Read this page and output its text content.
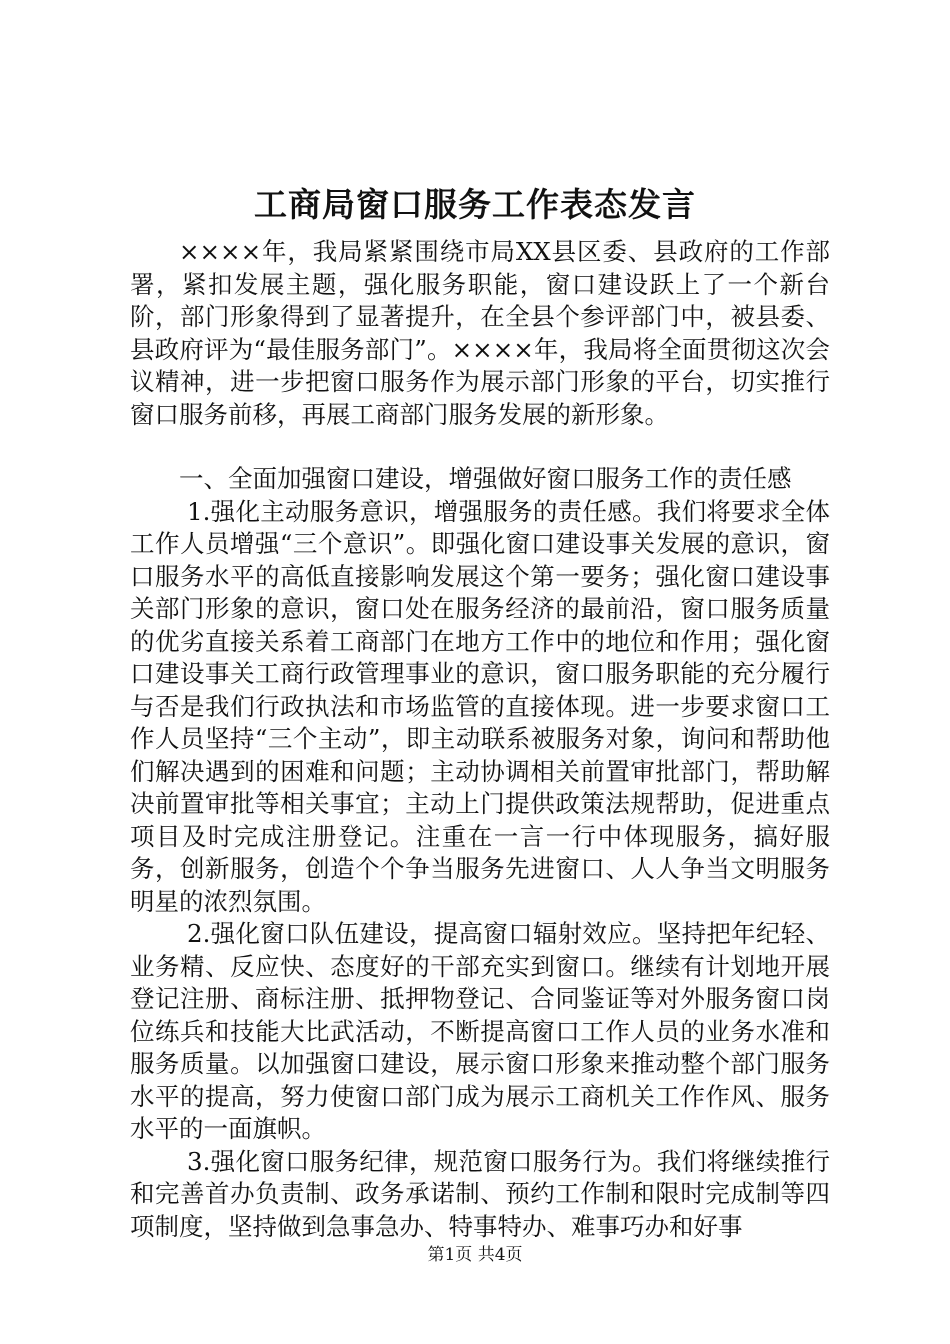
工商局窗口服务工作表态发言

××××年，我局紧紧围绕市局XX县区委、县政府的工作部署，紧扣发展主题，强化服务职能，窗口建设跃上了一个新台阶，部门形象得到了显著提升，在全县个参评部门中，被县委、县政府评为“最佳服务部门”。××××年，我局将全面贯彻这次会议精神，进一步把窗口服务作为展示部门形象的平台，切实推行窗口服务前移，再展工商部门服务发展的新形象。

一、全面加强窗口建设，增强做好窗口服务工作的责任感

1.强化主动服务意识，增强服务的责任感。我们将要求全体工作人员增强“三个意识”。即强化窗口建设事关发展的意识，窗口服务水平的高低直接影响发展这个第一要务；强化窗口建设事关部门形象的意识，窗口处在服务经济的最前沿，窗口服务质量的优劣直接关系着工商部门在地方工作中的地位和作用；强化窗口建设事关工商行政管理事业的意识，窗口服务职能的充分履行与否是我们行政执法和市场监管的直接体现。进一步要求窗口工作人员坚持“三个主动”，即主动联系被服务对象，询问和帮助他们解决遇到的困难和问题；主动协调相关前置审批部门，帮助解决前置审批等相关事宜；主动上门提供政策法规帮助，促进重点项目及时完成注册登记。注重在一言一行中体现服务，搞好服务，创新服务，创造个个争当服务先进窗口、人人争当文明服务明星的浓烈氛围。

2.强化窗口队伍建设，提高窗口辐射效应。坚持把年纪轻、业务精、反应快、态度好的干部充实到窗口。继续有计划地开展登记注册、商标注册、抵押物登记、合同鉴证等对外服务窗口岗位练兵和技能大比武活动，不断提高窗口工作人员的业务水准和服务质量。以加强窗口建设，展示窗口形象来推动整个部门服务水平的提高，努力使窗口部门成为展示工商机关工作作风、服务水平的一面旗帜。

3.强化窗口服务纪律，规范窗口服务行为。我们将继续推行和完善首办负责制、政务承诺制、预约工作制和限时完成制等四项制度，坚持做到急事急办、特事特办、难事巧办和好事

第1页 共4页
